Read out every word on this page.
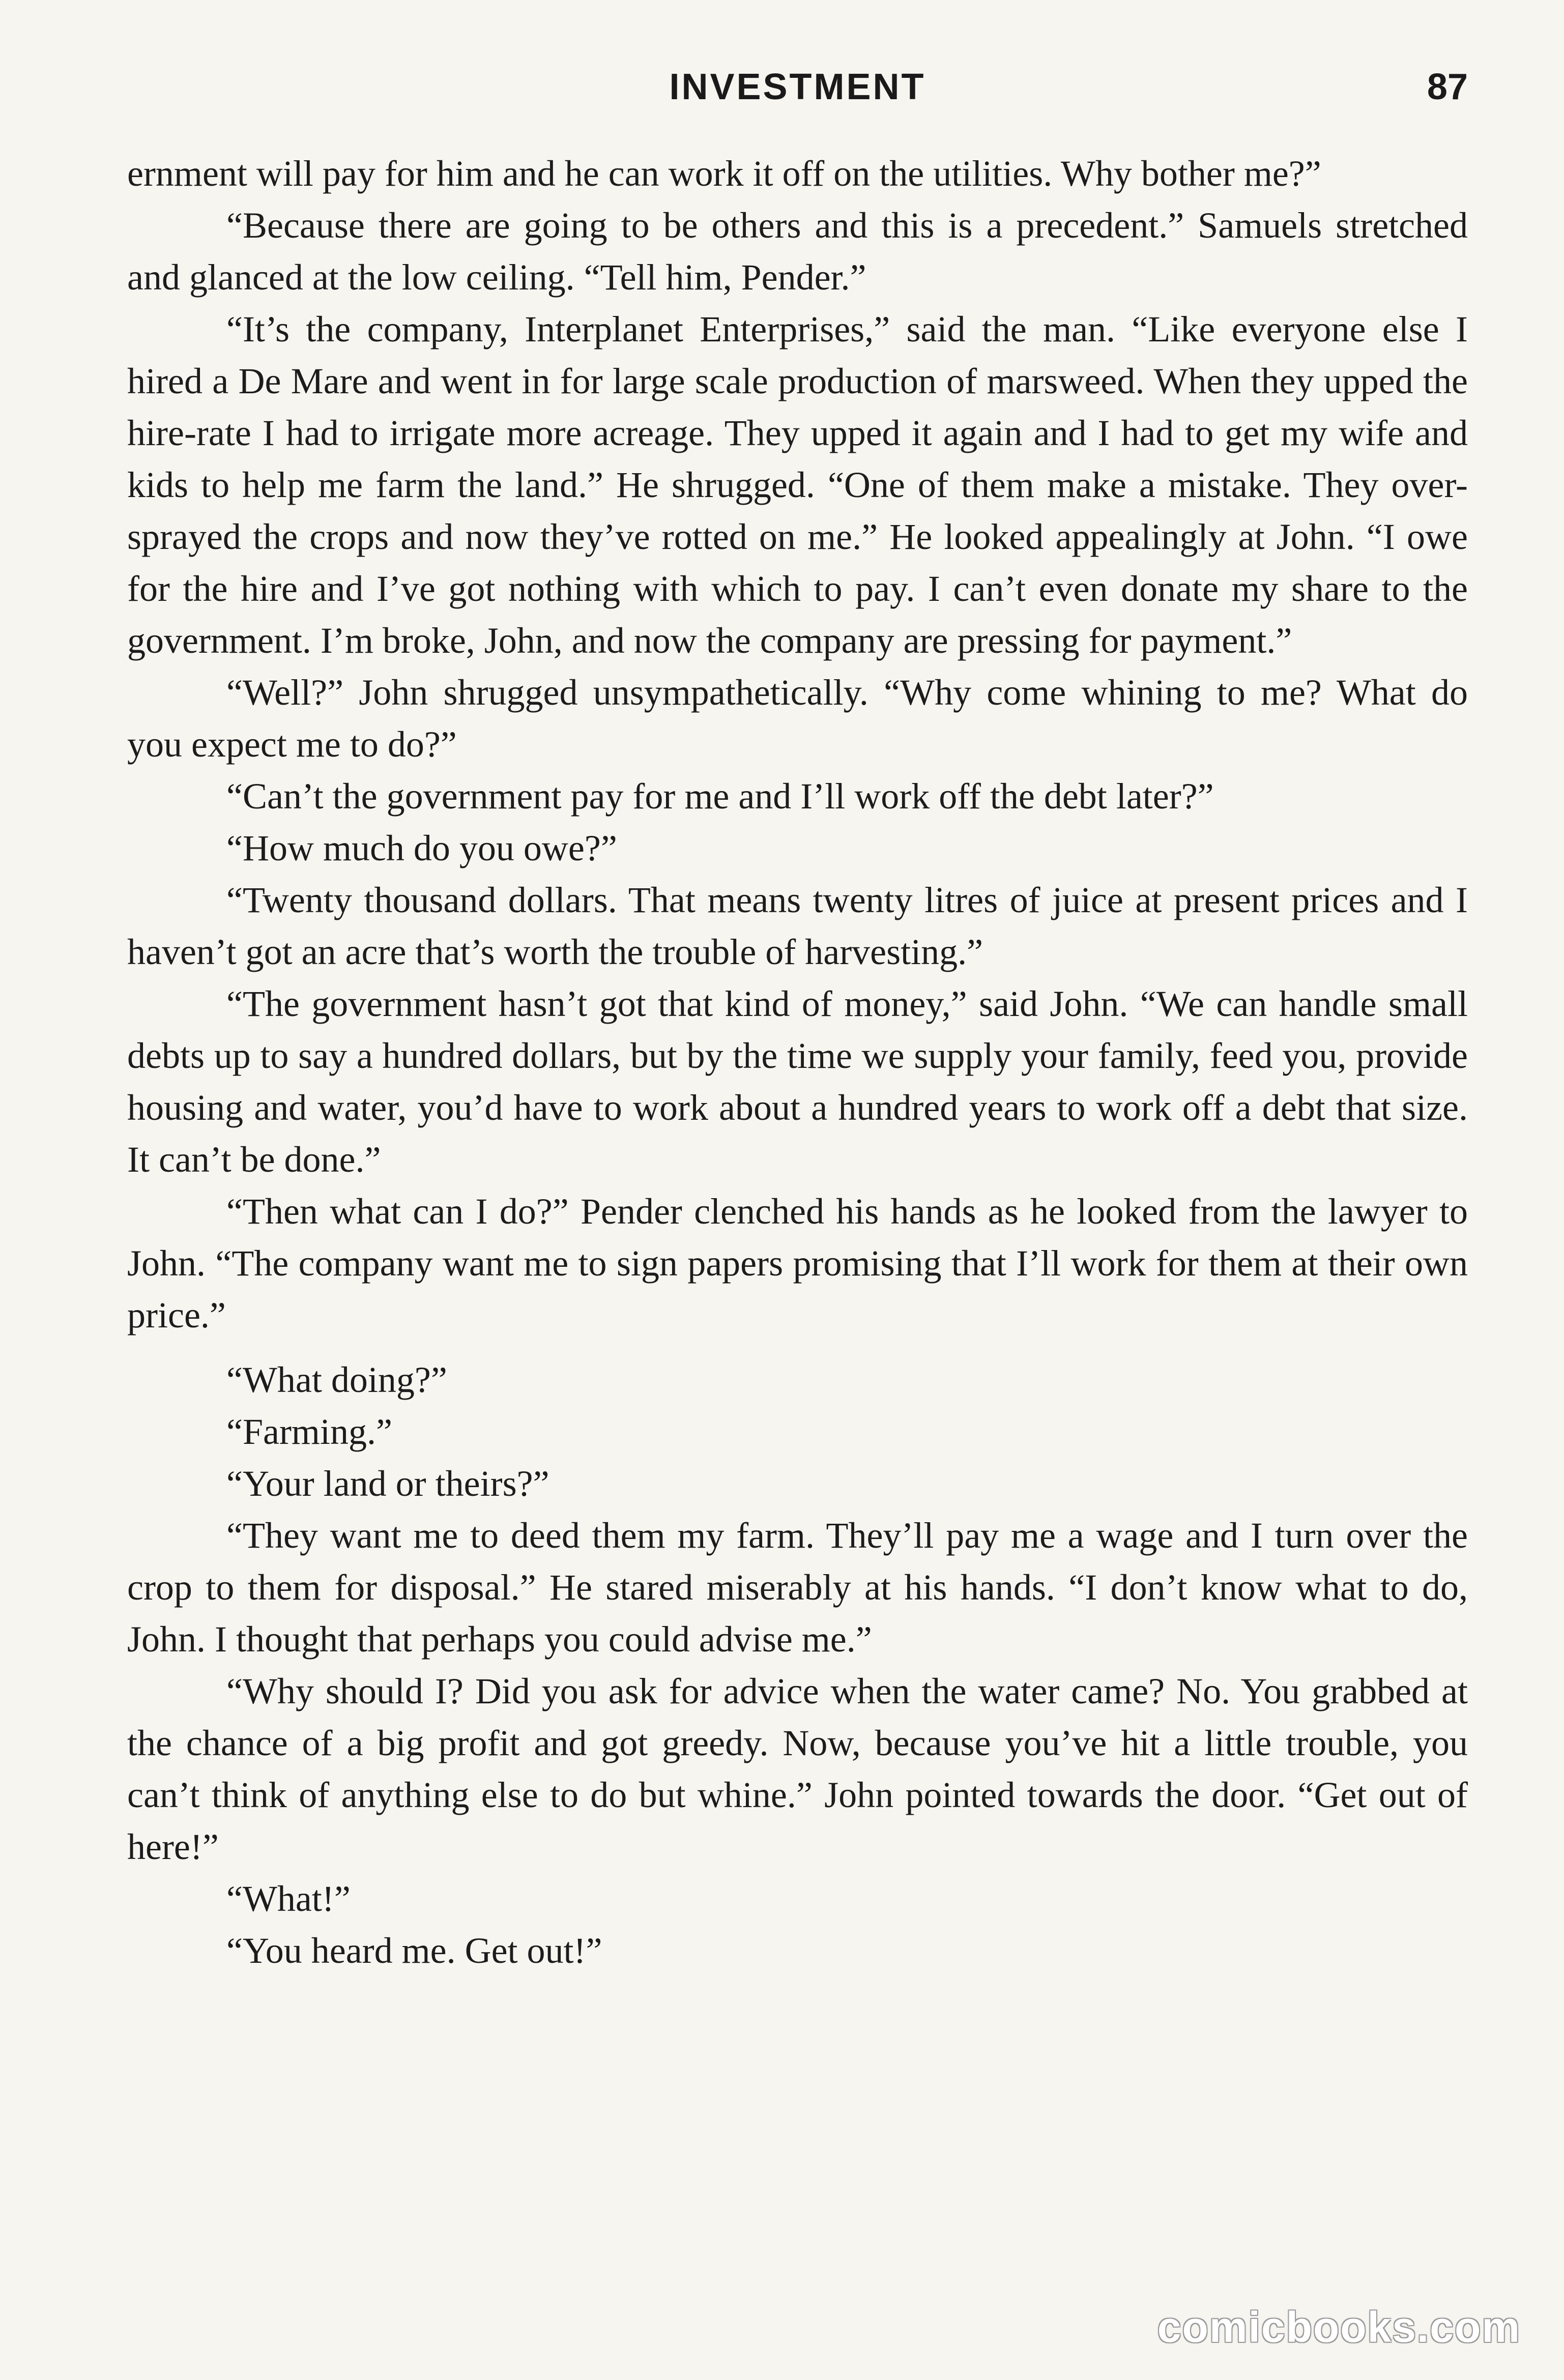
INVESTMENT	87

ernment will pay for him and he can work it off on the utilities. Why bother me?”

“Because there are going to be others and this is a precedent.” Samuels stretched and glanced at the low ceiling. “Tell him, Pender.”

“It’s the company, Interplanet Enterprises,” said the man. “Like everyone else I hired a De Mare and went in for large scale production of marsweed. When they upped the hire-rate I had to irrigate more acreage. They upped it again and I had to get my wife and kids to help me farm the land.” He shrugged. “One of them make a mistake. They over-sprayed the crops and now they’ve rotted on me.” He looked appealingly at John. “I owe for the hire and I’ve got nothing with which to pay. I can’t even donate my share to the government. I’m broke, John, and now the company are pressing for payment.”

“Well?” John shrugged unsympathetically. “Why come whining to me? What do you expect me to do?”

“Can’t the government pay for me and I’ll work off the debt later?”

“How much do you owe?”

“Twenty thousand dollars. That means twenty litres of juice at present prices and I haven’t got an acre that’s worth the trouble of harvesting.”

“The government hasn’t got that kind of money,” said John. “We can handle small debts up to say a hundred dollars, but by the time we supply your family, feed you, provide housing and water, you’d have to work about a hundred years to work off a debt that size. It can’t be done.”

“Then what can I do?” Pender clenched his hands as he looked from the lawyer to John. “The company want me to sign papers promising that I’ll work for them at their own price.”

“What doing?”

“Farming.”

“Your land or theirs?”

“They want me to deed them my farm. They’ll pay me a wage and I turn over the crop to them for disposal.” He stared miserably at his hands. “I don’t know what to do, John. I thought that perhaps you could advise me.”

“Why should I? Did you ask for advice when the water came? No. You grabbed at the chance of a big profit and got greedy. Now, because you’ve hit a little trouble, you can’t think of anything else to do but whine.” John pointed towards the door. “Get out of here!”

“What!”

“You heard me. Get out!”

comicbooks.com
